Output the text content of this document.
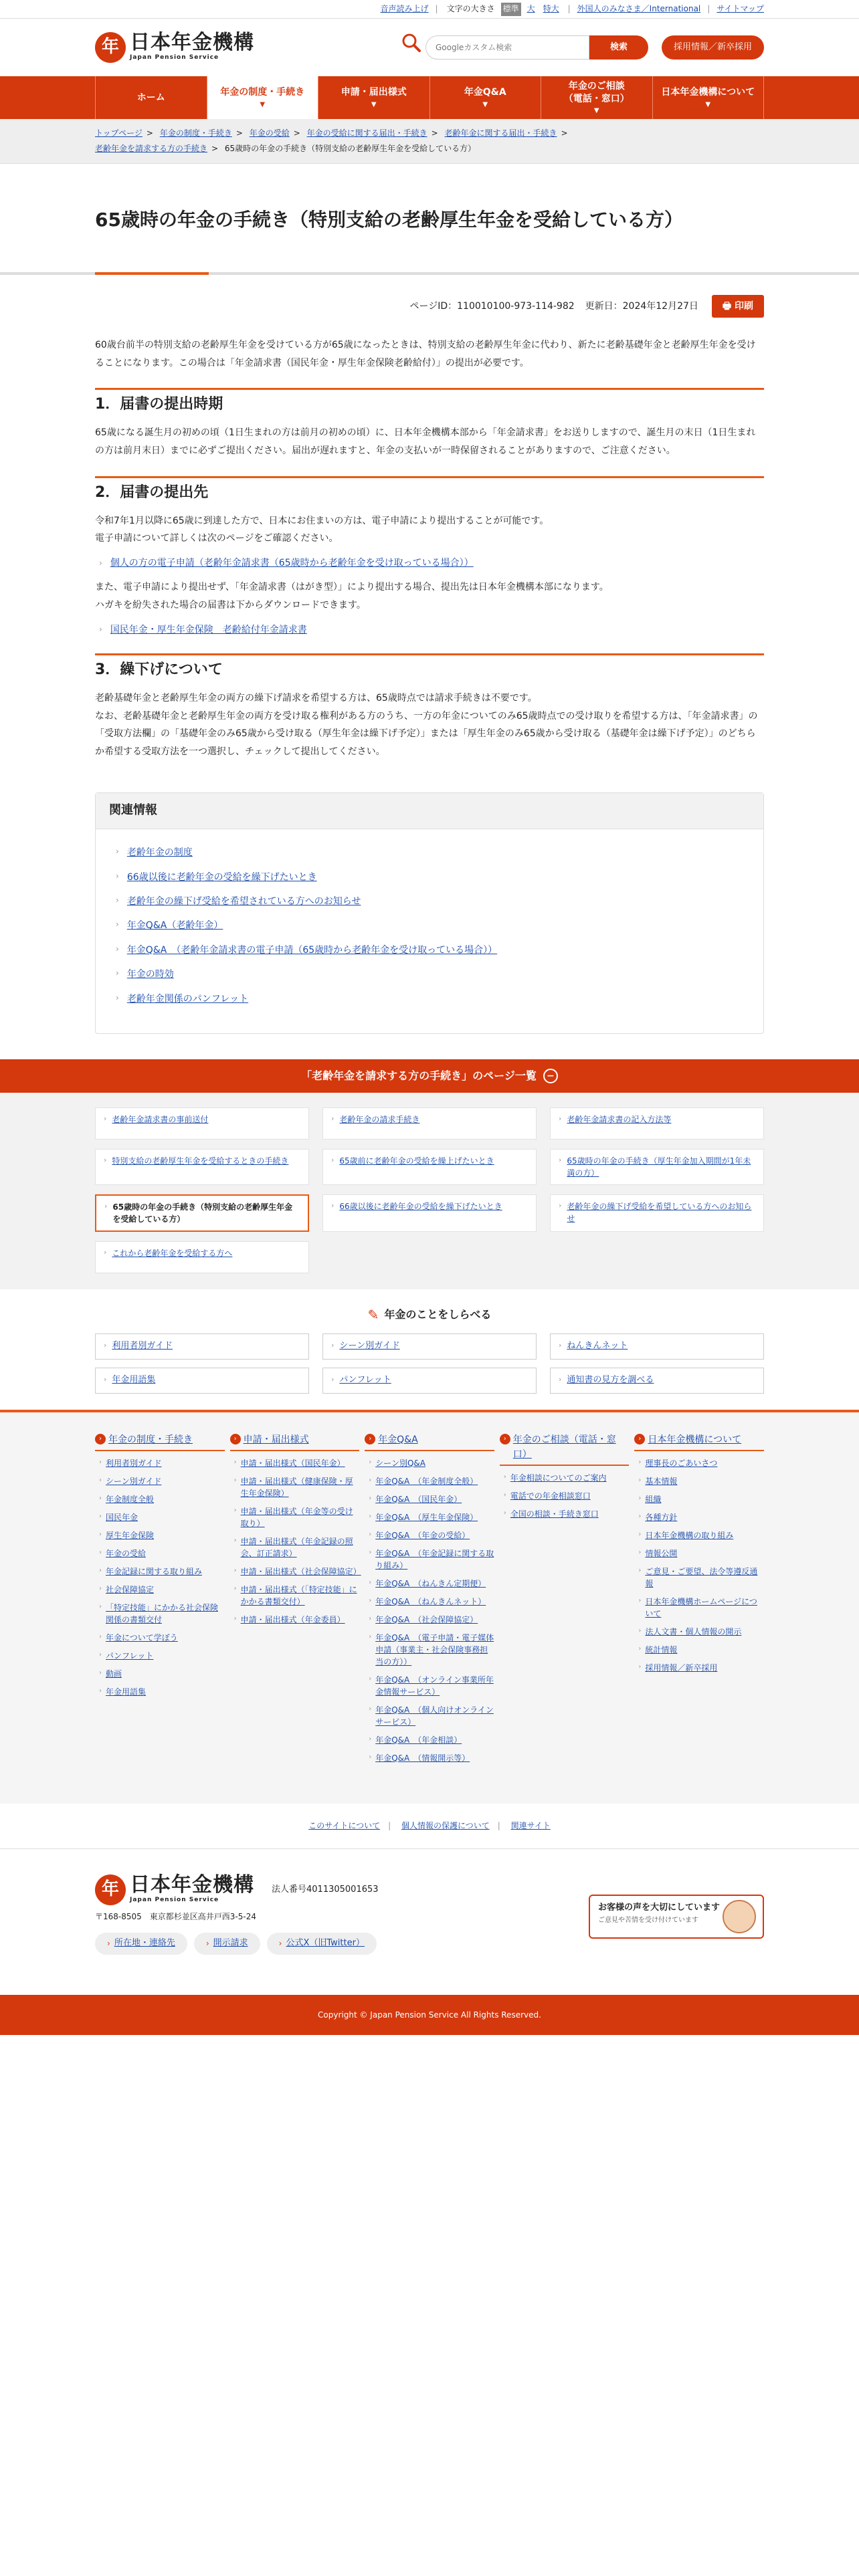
音声読み上げ | 文字の大きさ 標準 大 特大 | 外国人のみなさま／International | サイトマップ
年 日本年金機構
Japan Pension Service
Googleカスタム検索
検索	採用情報／新卒採用
ホーム	年金の制度・手続き
▼
申請・届出様式
▼
年金Q&A
▼
年金のご相談
（電話・窓口）
▼
日本年金機構について
▼
トップページ > 年金の制度・手続き > 年金の受給 > 年金の受給に関する届出・手続き > 老齢年金に関する届出・手続き >
老齢年金を請求する方の手続き > 65歳時の年金の手続き（特別支給の老齢厚生年金を受給している方）
65歳時の年金の手続き（特別支給の老齢厚生年金を受給している方）
ページID：110010100-973-114-982 更新日：2024年12月27日	🖶 印刷

60歳台前半の特別支給の老齢厚生年金を受けている方が65歳になったときは、特別支給の老齢厚生年金に代わり、新たに老齢基礎年金と老齢厚生年金を受けることになります。この場合は「年金請求書（国民年金・厚生年金保険老齢給付）」の提出が必要です。

1．届書の提出時期

65歳になる誕生月の初めの頃（1日生まれの方は前月の初めの頃）に、日本年金機構本部から「年金請求書」をお送りしますので、誕生月の末日（1日生まれの方は前月末日）までに必ずご提出ください。届出が遅れますと、年金の支払いが一時保留されることがありますので、ご注意ください。

2．届書の提出先

令和7年1月以降に65歳に到達した方で、日本にお住まいの方は、電子申請により提出することが可能です。

電子申請について詳しくは次のページをご確認ください。

› 個人の方の電子申請（老齢年金請求書（65歳時から老齢年金を受け取っている場合））

また、電子申請により提出せず、「年金請求書（はがき型）」により提出する場合、提出先は日本年金機構本部になります。

ハガキを紛失された場合の届書は下からダウンロードできます。

› 国民年金・厚生年金保険　老齢給付年金請求書
3．繰下げについて

老齢基礎年金と老齢厚生年金の両方の繰下げ請求を希望する方は、65歳時点では請求手続きは不要です。

なお、老齢基礎年金と老齢厚生年金の両方を受け取る権利がある方のうち、一方の年金についてのみ65歳時点での受け取りを希望する方は、「年金請求書」の「受取方法欄」の「基礎年金のみ65歳から受け取る（厚生年金は繰下げ予定）」または「厚生年金のみ65歳から受け取る（基礎年金は繰下げ予定）」のどちらか希望する受取方法を一つ選択し、チェックして提出してください。

関連情報
› 老齢年金の制度
› 66歳以後に老齢年金の受給を繰下げたいとき
› 老齢年金の繰下げ受給を希望されている方へのお知らせ
› 年金Q&A（老齢年金）
› 年金Q&A　（老齢年金請求書の電子申請（65歳時から老齢年金を受け取っている場合））
› 年金の時効
› 老齢年金関係のパンフレット
「老齢年金を請求する方の手続き」のページ一覧	−
› 老齢年金請求書の事前送付	› 老齢年金の請求手続き	› 老齢年金請求書の記入方法等
› 特別支給の老齢厚生年金を受給するときの手続き	› 65歳前に老齢年金の受給を繰上げたいとき	› 65歳時の年金の手続き（厚生年金加入期間が1年未満の方）
› 65歳時の年金の手続き（特別支給の老齢厚生年金を受給している方）
› 66歳以後に老齢年金の受給を繰下げたいとき	› 老齢年金の繰下げ受給を希望している方へのお知らせ
› これから老齢年金を受給する方へ
✎ 年金のことをしらべる
› 利用者別ガイド	› シーン別ガイド	› ねんきんネット
› 年金用語集	› パンフレット	› 通知書の見方を調べる
› 年金の制度・手続き
› 利用者別ガイド
› シーン別ガイド
› 年金制度全般
› 国民年金
› 厚生年金保険
› 年金の受給
› 年金記録に関する取り組み
› 社会保障協定
› 「特定技能」にかかる社会保険関係の書類交付
› 年金について学ぼう
› パンフレット
› 動画
› 年金用語集
› 申請・届出様式
› 申請・届出様式（国民年金）
› 申請・届出様式（健康保険・厚生年金保険）
› 申請・届出様式（年金等の受け取り）
› 申請・届出様式（年金記録の照会、訂正請求）
› 申請・届出様式（社会保障協定）
› 申請・届出様式（「特定技能」にかかる書類交付）
› 申請・届出様式（年金委員）
› 年金Q&A
› シーン別Q&A
› 年金Q&A　（年金制度全般）
› 年金Q&A　（国民年金）
› 年金Q&A　（厚生年金保険）
› 年金Q&A　（年金の受給）
› 年金Q&A　（年金記録に関する取り組み）
› 年金Q&A　（ねんきん定期便）
› 年金Q&A　（ねんきんネット）
› 年金Q&A　（社会保障協定）
› 年金Q&A　（電子申請・電子媒体申請（事業主・社会保険事務担当の方））
› 年金Q&A　（オンライン事業所年金情報サービス）
› 年金Q&A　（個人向けオンラインサービス）
› 年金Q&A　（年金相談）
› 年金Q&A　（情報開示等）
› 年金のご相談（電話・窓口）
› 年金相談についてのご案内
› 電話での年金相談窓口
› 全国の相談・手続き窓口
› 日本年金機構について
› 理事長のごあいさつ
› 基本情報
› 組織
› 各種方針
› 日本年金機構の取り組み
› 情報公開
› ご意見・ご要望、法令等遵反通報
› 日本年金機構ホームページについて
› 法人文書・個人情報の開示
› 統計情報
› 採用情報／新卒採用
このサイトについて | 個人情報の保護について | 関連サイト
年 日本年金機構
Japan Pension Service
法人番号4011305001653
〒168-8505　東京都杉並区高井戸西3-5-24
› 所在地・連絡先	› 開示請求	› 公式X（旧Twitter）
お客様の声を大切にしています
ご意見や苦情を受け付けています
Copyright © Japan Pension Service All Rights Reserved.
